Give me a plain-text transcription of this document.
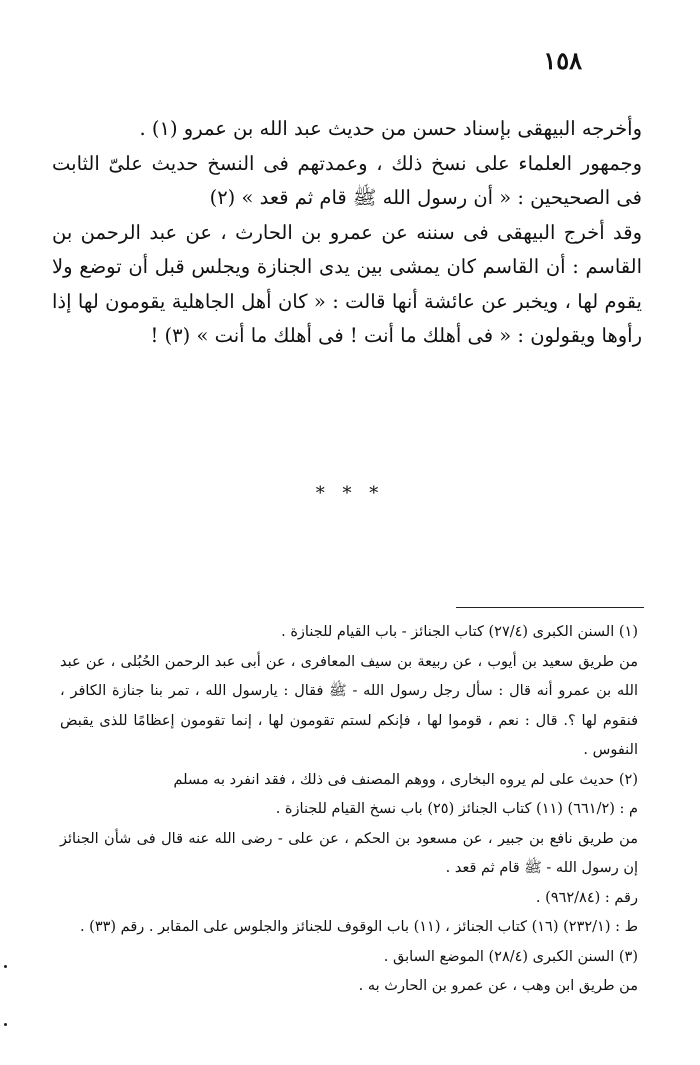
١٥٨

وأخرجه البيهقى بإسناد حسن من حديث عبد الله بن عمرو (١) .

وجمهور العلماء على نسخ ذلك ، وعمدتهم فى النسخ حديث علىّ الثابت فى الصحيحين : « أن رسول الله ﷺ قام ثم قعد » (٢)

وقد أخرج البيهقى فى سننه عن عمرو بن الحارث ، عن عبد الرحمن بن القاسم : أن القاسم كان يمشى بين يدى الجنازة ويجلس قبل أن توضع ولا يقوم لها ، ويخبر عن عائشة أنها قالت : « كان أهل الجاهلية يقومون لها إذا رأوها ويقولون : « فى أهلك ما أنت ! فى أهلك ما أنت » (٣) !

* * *

(١) السنن الكبرى (٢٧/٤) كتاب الجنائز - باب القيام للجنازة .

من طريق سعيد بن أيوب ، عن ربيعة بن سيف المعافرى ، عن أبى عبد الرحمن الحُبُلى ، عن عبد الله بن عمرو أنه قال : سأل رجل رسول الله - ﷺ فقال : يارسول الله ، تمر بنا جنازة الكافر ، فنقوم لها ؟. قال : نعم ، قوموا لها ، فإنكم لستم تقومون لها ، إنما تقومون إعظامًا للذى يقبض النفوس .

(٢) حديث على لم يروه البخارى ، ووهم المصنف فى ذلك ، فقد انفرد به مسلم

م : (٦٦١/٢) (١١) كتاب الجنائز (٢٥) باب نسخ القيام للجنازة .

من طريق نافع بن جبير ، عن مسعود بن الحكم ، عن على - رضى الله عنه قال فى شأن الجنائز إن رسول الله - ﷺ قام ثم قعد .

رقم : (٩٦٢/٨٤) .

ط : (٢٣٢/١) (١٦) كتاب الجنائز ، (١١) باب الوقوف للجنائز والجلوس على المقابر . رقم (٣٣) .

(٣) السنن الكبرى (٢٨/٤) الموضع السابق .

من طريق ابن وهب ، عن عمرو بن الحارث به .
